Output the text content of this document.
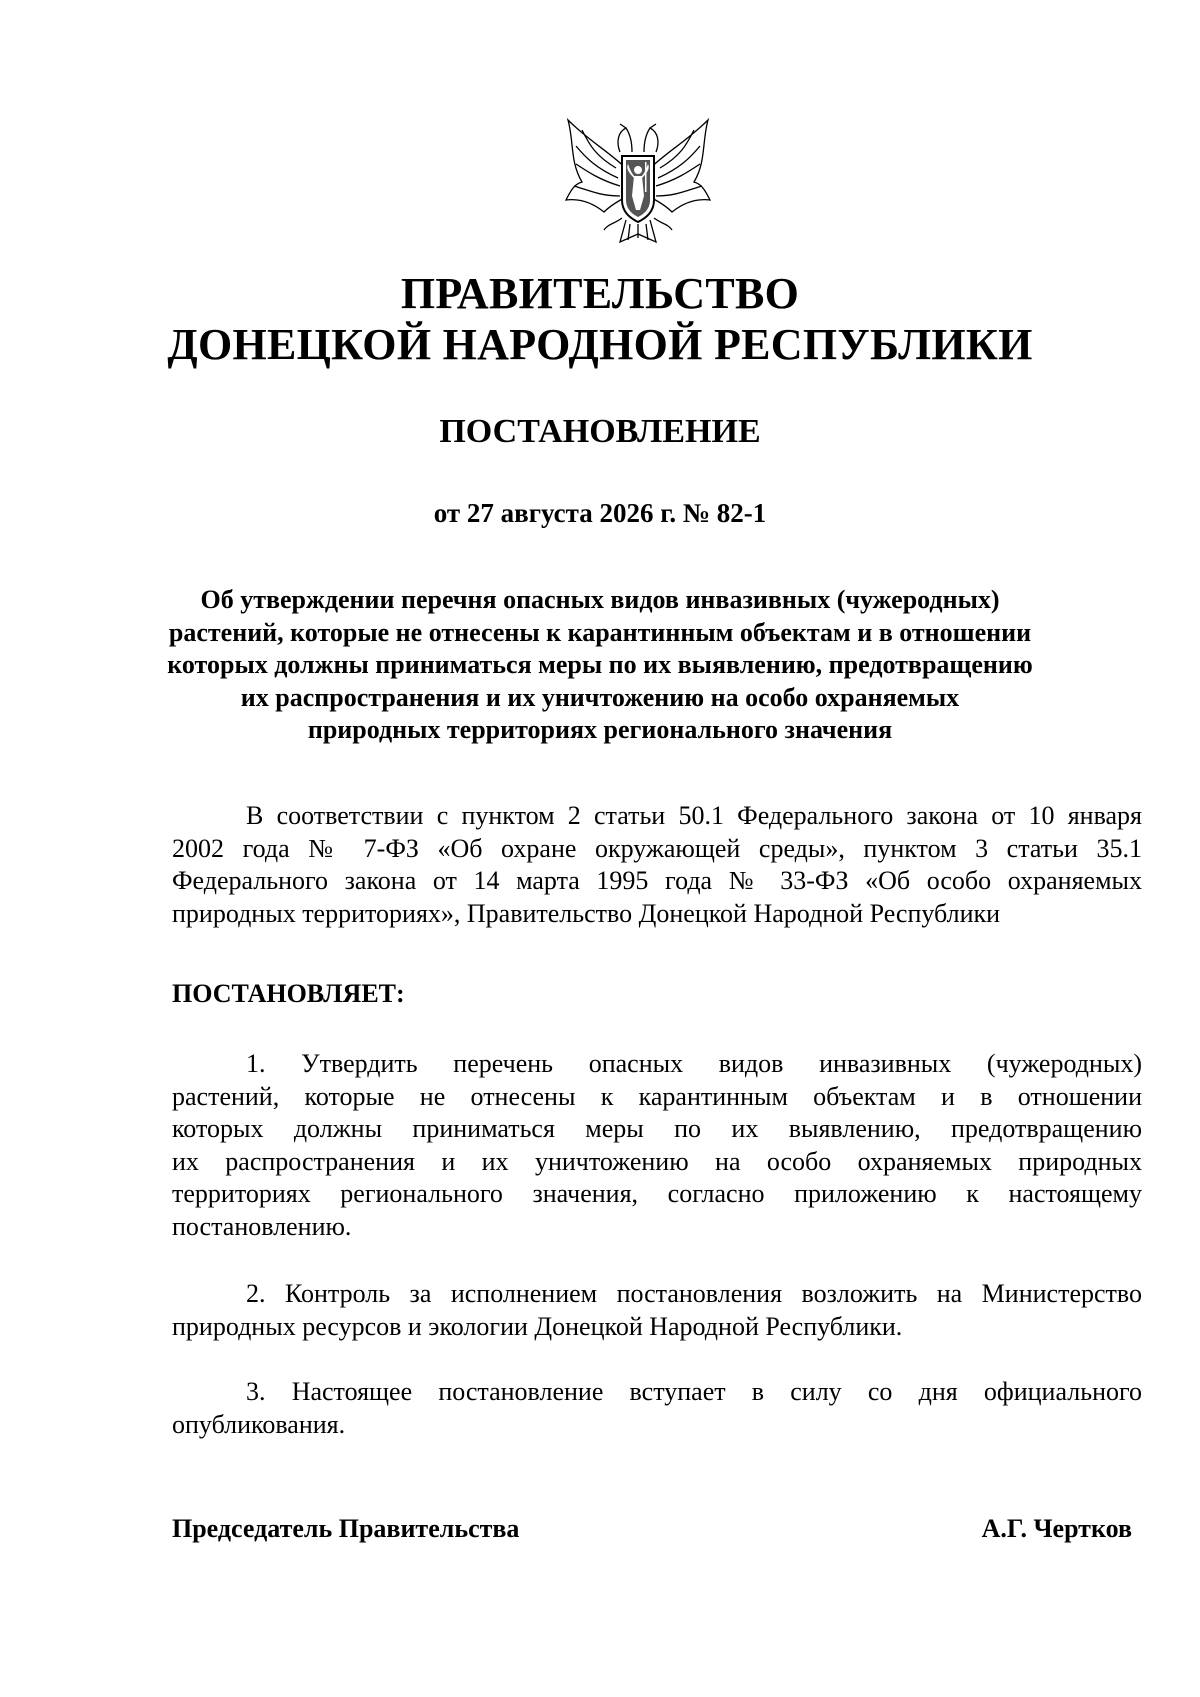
ПРАВИТЕЛЬСТВО
ДОНЕЦКОЙ НАРОДНОЙ РЕСПУБЛИКИ
ПОСТАНОВЛЕНИЕ
от 27 августа 2026 г. № 82-1
Об утверждении перечня опасных видов инвазивных (чужеродных)
растений, которые не отнесены к карантинным объектам и в отношении
которых должны приниматься меры по их выявлению, предотвращению
их распространения и их уничтожению на особо охраняемых
природных территориях регионального значения
В соответствии с пунктом 2 статьи 50.1 Федерального закона от 10 января
2002 года № 7-ФЗ «Об охране окружающей среды», пунктом 3 статьи 35.1
Федерального закона от 14 марта 1995 года № 33-ФЗ «Об особо охраняемых
природных территориях», Правительство Донецкой Народной Республики
ПОСТАНОВЛЯЕТ:
1. Утвердить перечень опасных видов инвазивных (чужеродных)
растений, которые не отнесены к карантинным объектам и в отношении
которых должны приниматься меры по их выявлению, предотвращению
их распространения и их уничтожению на особо охраняемых природных
территориях регионального значения, согласно приложению к настоящему
постановлению.
2. Контроль за исполнением постановления возложить на Министерство
природных ресурсов и экологии Донецкой Народной Республики.
3. Настоящее постановление вступает в силу со дня официального
опубликования.
Председатель Правительства	А.Г. Чертков
